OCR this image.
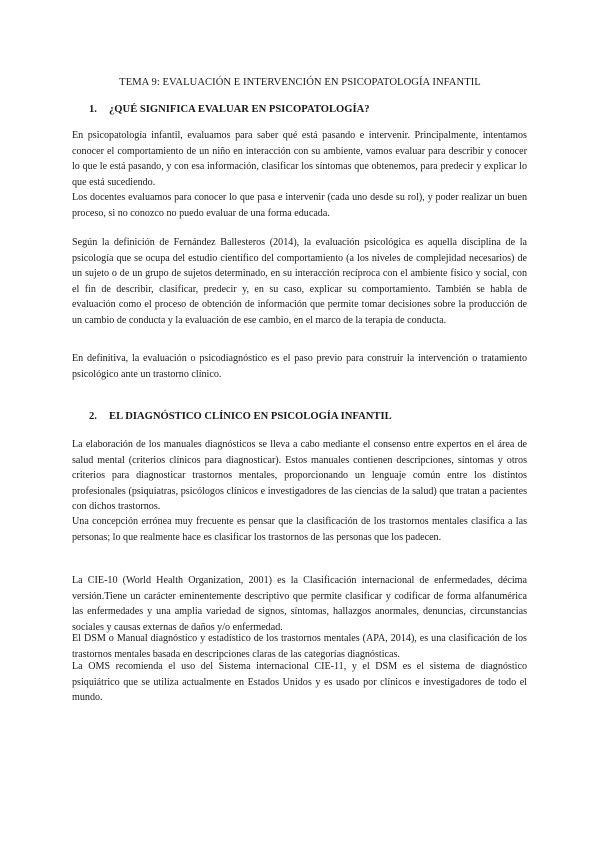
TEMA 9: EVALUACIÓN E INTERVENCIÓN EN PSICOPATOLOGÍA INFANTIL
1. ¿QUÉ SIGNIFICA EVALUAR EN PSICOPATOLOGÍA?

En psicopatología infantil, evaluamos para saber qué está pasando e intervenir. Principalmente, intentamos conocer el comportamiento de un niño en interacción con su ambiente, vamos evaluar para describir y conocer lo que le está pasando, y con esa información, clasificar los síntomas que obtenemos, para predecir y explicar lo que está sucediendo.

Los docentes evaluamos para conocer lo que pasa e intervenir (cada uno desde su rol), y poder realizar un buen proceso, si no conozco no puedo evaluar de una forma educada.

Según la definición de Fernández Ballesteros (2014), la evaluación psicológica es aquella disciplina de la psicología que se ocupa del estudio científico del comportamiento (a los niveles de complejidad necesarios) de un sujeto o de un grupo de sujetos determinado, en su interacción recíproca con el ambiente físico y social, con el fin de describir, clasificar, predecir y, en su caso, explicar su comportamiento. También se habla de evaluación como el proceso de obtención de información que permite tomar decisiones sobre la producción de un cambio de conducta y la evaluación de ese cambio, en el marco de la terapia de conducta.

En definitiva, la evaluación o psicodiagnóstico es el paso previo para construir la intervención o tratamiento psicológico ante un trastorno clínico.

2. EL DIAGNÓSTICO CLÍNICO EN PSICOLOGÍA INFANTIL

La elaboración de los manuales diagnósticos se lleva a cabo mediante el consenso entre expertos en el área de salud mental (criterios clínicos para diagnosticar). Estos manuales contienen descripciones, síntomas y otros criterios para diagnosticar trastornos mentales, proporcionando un lenguaje común entre los distintos profesionales (psiquiatras, psicólogos clínicos e investigadores de las ciencias de la salud) que tratan a pacientes con dichos trastornos.

Una concepción errónea muy frecuente es pensar que la clasificación de los trastornos mentales clasifica a las personas; lo que realmente hace es clasificar los trastornos de las personas que los padecen.

La CIE-10 (World Health Organization, 2001) es la Clasificación internacional de enfermedades, décima versión.Tiene un carácter eminentemente descriptivo que permite clasificar y codificar de forma alfanumérica las enfermedades y una amplia variedad de signos, síntomas, hallazgos anormales, denuncias, circunstancias sociales y causas externas de daños y/o enfermedad.

El DSM o Manual diagnóstico y estadístico de los trastornos mentales (APA, 2014), es una clasificación de los trastornos mentales basada en descripciones claras de las categorías diagnósticas.

La OMS recomienda el uso del Sistema internacional CIE-11, y el DSM es el sistema de diagnóstico psiquiátrico que se utiliza actualmente en Estados Unidos y es usado por clínicos e investigadores de todo el mundo.
